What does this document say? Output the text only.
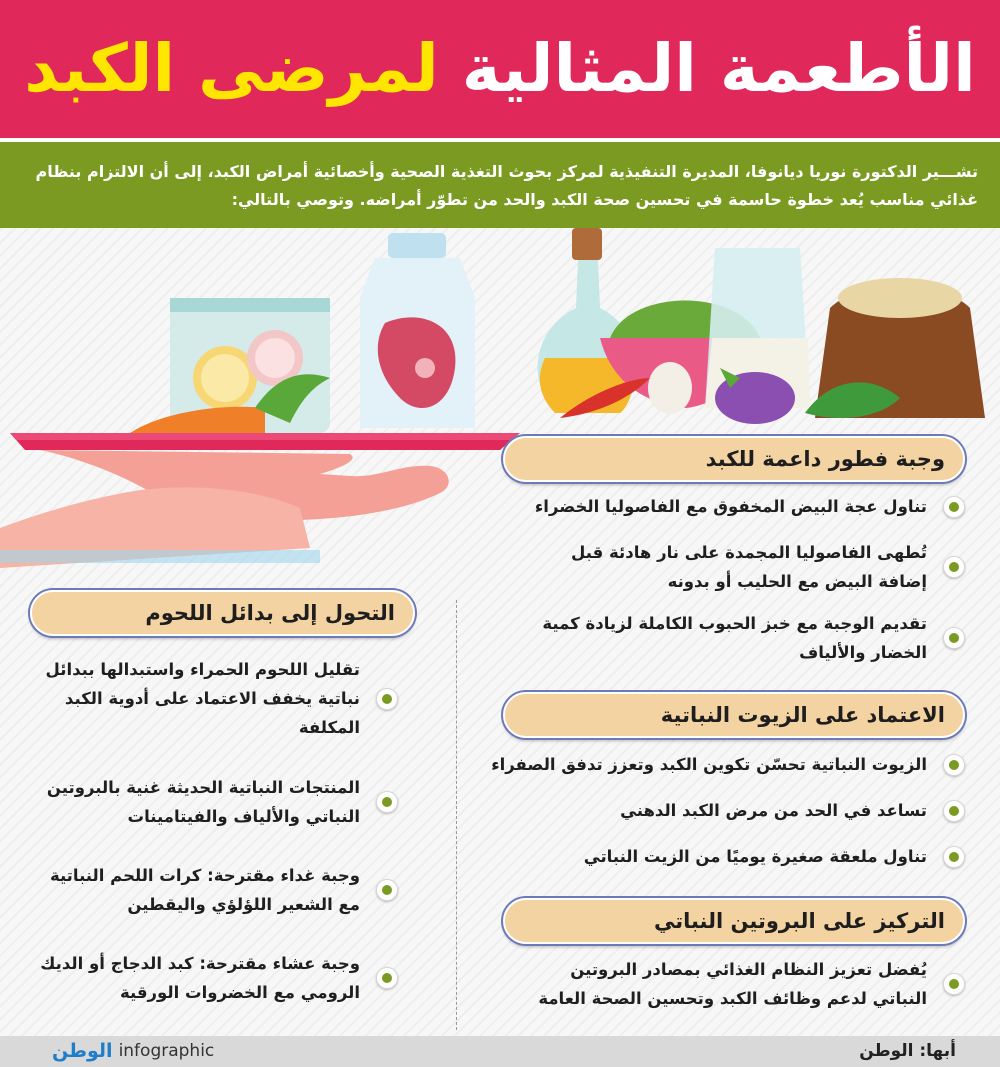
الأطعمة المثالية لمرضى الكبد
تشـــير الدكتورة نوريا ديانوفا، المديرة التنفيذية لمركز بحوث التغذية الصحية وأخصائية أمراض الكبد، إلى أن الالتزام بنظام غذائي مناسب يُعد خطوة حاسمة في تحسين صحة الكبد والحد من تطوّر أمراضه. وتوصي بالتالي:
وجبة فطور داعمة للكبد
تناول عجة البيض المخفوق مع الفاصوليا الخضراء
تُطهى الفاصوليا المجمدة على نار هادئة قبل إضافة البيض مع الحليب أو بدونه
تقديم الوجبة مع خبز الحبوب الكاملة لزيادة كمية الخضار والألياف
الاعتماد على الزيوت النباتية
الزيوت النباتية تحسّن تكوين الكبد وتعزز تدفق الصفراء
تساعد في الحد من مرض الكبد الدهني
تناول ملعقة صغيرة يوميًا من الزيت النباتي
التركيز على البروتين النباتي
يُفضل تعزيز النظام الغذائي بمصادر البروتين النباتي لدعم وظائف الكبد وتحسين الصحة العامة
التحول إلى بدائل اللحوم
تقليل اللحوم الحمراء واستبدالها ببدائل نباتية يخفف الاعتماد على أدوية الكبد المكلفة
المنتجات النباتية الحديثة غنية بالبروتين النباتي والألياف والفيتامينات
وجبة غداء مقترحة: كرات اللحم النباتية مع الشعير اللؤلؤي واليقطين
وجبة عشاء مقترحة: كبد الدجاج أو الديك الرومي مع الخضروات الورقية
الوطن infographic	أبها: الوطن
